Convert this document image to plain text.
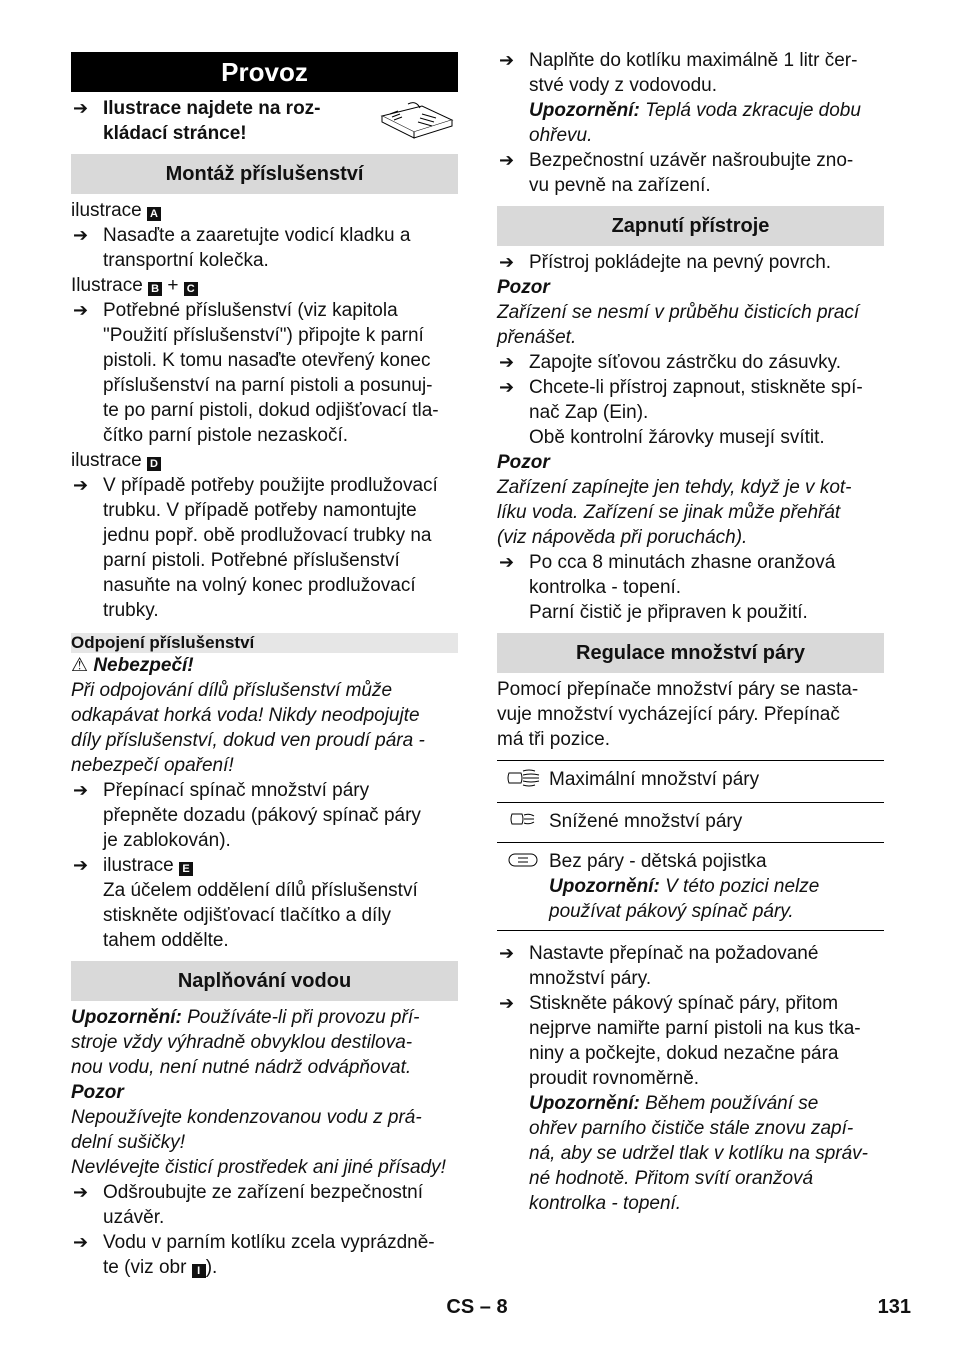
Provoz
➔ Ilustrace najdete na roz-
kládací stránce!
Montáž příslušenství
ilustrace A
➔ Nasaďte a zaaretujte vodicí kladku a
transportní kolečka.
Ilustrace B + C
➔ Potřebné příslušenství (viz kapitola
"Použití příslušenství") připojte k parní
pistoli. K tomu nasaďte otevřený konec
příslušenství na parní pistoli a posunuj-
te po parní pistoli, dokud odjišťovací tla-
čítko parní pistole nezaskočí.
ilustrace D
➔ V případě potřeby použijte prodlužovací
trubku. V případě potřeby namontujte
jednu popř. obě prodlužovací trubky na
parní pistoli. Potřebné příslušenství
nasuňte na volný konec prodlužovací
trubky.
Odpojení příslušenství
⚠ Nebezpečí!
Při odpojování dílů příslušenství může
odkapávat horká voda! Nikdy neodpojujte
díly příslušenství, dokud ven proudí pára -
nebezpečí opaření!
➔ Přepínací spínač množství páry
přepněte dozadu (pákový spínač páry
je zablokován).
➔ ilustrace E
Za účelem oddělení dílů příslušenství
stiskněte odjišťovací tlačítko a díly
tahem oddělte.
Naplňování vodou
Upozornění: Používáte-li při provozu pří-
stroje vždy výhradně obvyklou destilova-
nou vodu, není nutné nádrž odvápňovat.
Pozor
Nepoužívejte kondenzovanou vodu z prá-
delní sušičky!
Nevlévejte čisticí prostředek ani jiné přísady!
➔ Odšroubujte ze zařízení bezpečnostní
uzávěr.
➔ Vodu v parním kotlíku zcela vyprázdně-
te (viz obr I ).
➔ Naplňte do kotlíku maximálně 1 litr čer-
stvé vody z vodovodu.
Upozornění: Teplá voda zkracuje dobu
ohřevu.
➔ Bezpečnostní uzávěr našroubujte zno-
vu pevně na zařízení.
Zapnutí přístroje
➔ Přístroj pokládejte na pevný povrch.
Pozor
Zařízení se nesmí v průběhu čisticích prací
přenášet.
➔ Zapojte síťovou zástrčku do zásuvky.
➔ Chcete-li přístroj zapnout, stiskněte spí-
nač Zap (Ein).
Obě kontrolní žárovky musejí svítit.
Pozor
Zařízení zapínejte jen tehdy, když je v kot-
líku voda. Zařízení se jinak může přehřát
(viz nápověda při poruchách).
➔ Po cca 8 minutách zhasne oranžová
kontrolka - topení.
Parní čistič je připraven k použití.
Regulace množství páry
Pomocí přepínače množství páry se nasta-
vuje množství vycházející páry. Přepínač
má tři pozice.
	Maximální množství páry
	Snížené množství páry

Bez páry - dětská pojistka
Upozornění: V této pozici nelze
používat pákový spínač páry.
➔ Nastavte přepínač na požadované
množství páry.
➔ Stiskněte pákový spínač páry, přitom
nejprve namiřte parní pistoli na kus tka-
niny a počkejte, dokud nezačne pára
proudit rovnoměrně.
Upozornění: Během používání se
ohřev parního čističe stále znovu zapí-
ná, aby se udržel tlak v kotlíku na správ-
né hodnotě. Přitom svítí oranžová
kontrolka - topení.
CS – 8	131
